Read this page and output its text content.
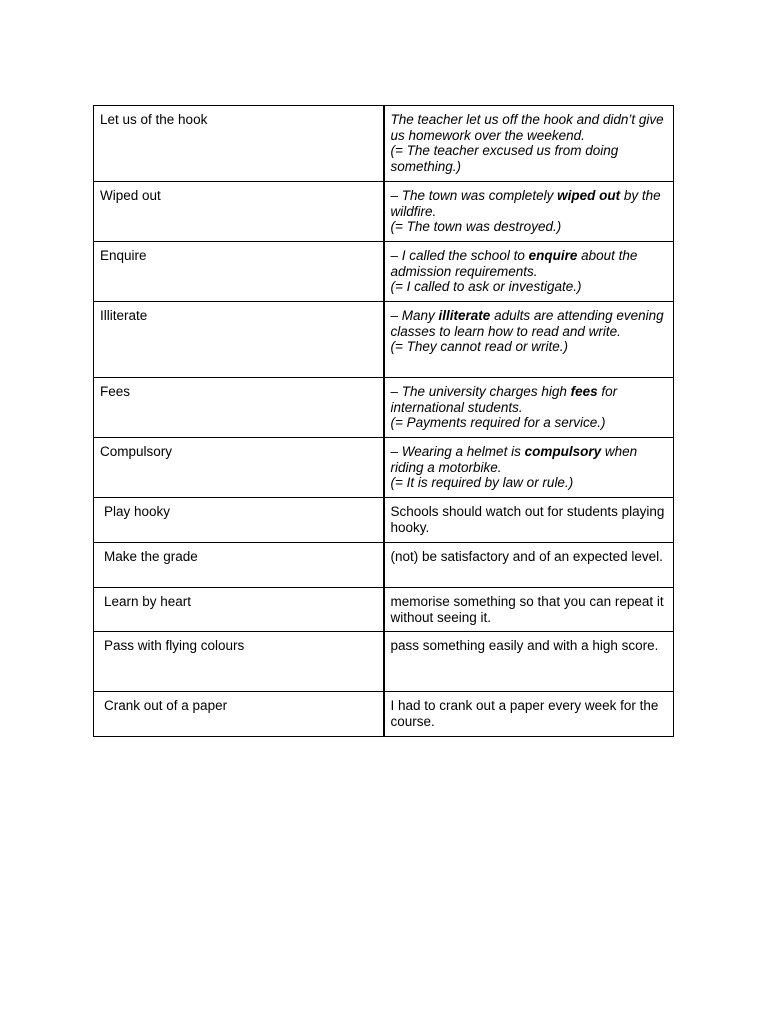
Let us of the hook	The teacher let us off the hook and didn’t give us homework over the weekend.
(= The teacher excused us from doing something.)

Wiped out	– The town was completely wiped out by the wildfire.
(= The town was destroyed.)

Enquire	– I called the school to enquire about the admission requirements.
(= I called to ask or investigate.)

Illiterate	– Many illiterate adults are attending evening classes to learn how to read and write.
(= They cannot read or write.)

Fees	– The university charges high fees for international students.
(= Payments required for a service.)

Compulsory	– Wearing a helmet is compulsory when riding a motorbike.
(= It is required by law or rule.)

Play hooky	Schools should watch out for students playing hooky.

Make the grade	(not) be satisfactory and of an expected level.

Learn by heart	memorise something so that you can repeat it without seeing it.

Pass with flying colours	pass something easily and with a high score.

Crank out of a paper	I had to crank out a paper every week for the course.
